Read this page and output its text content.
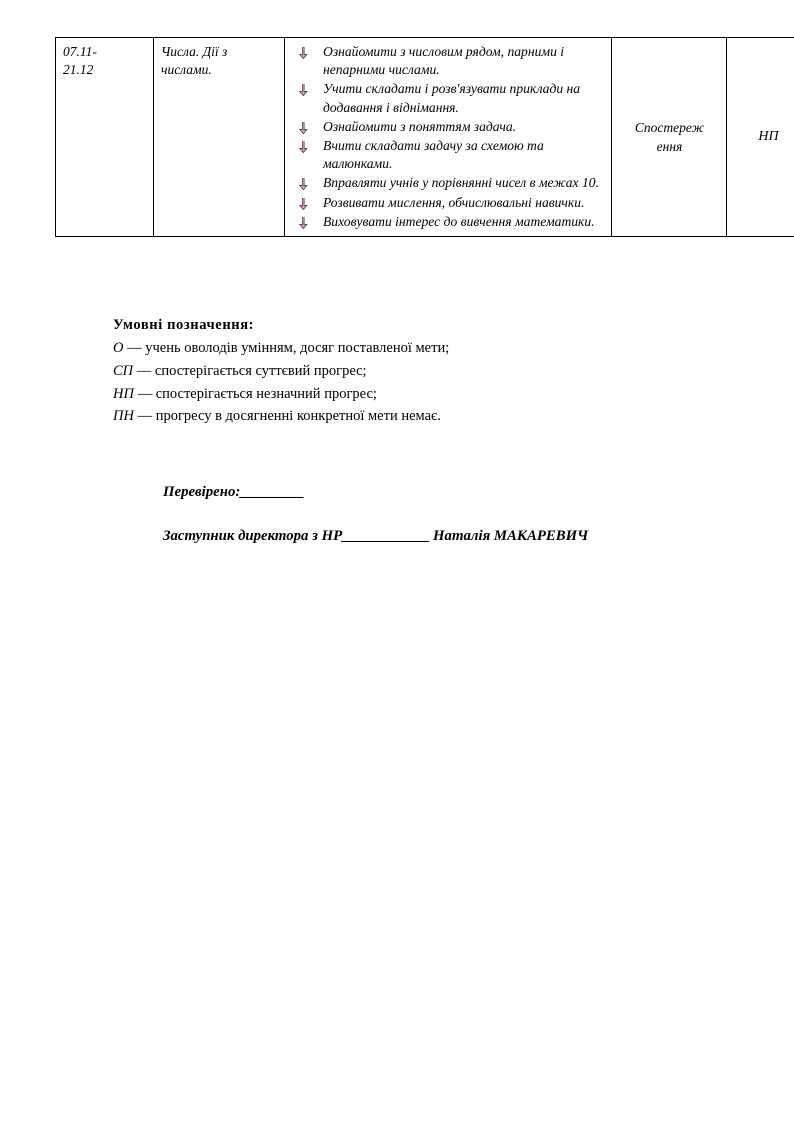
07.11-
21.12

Числа. Дії з числами.

Ознайомити з числовим рядом, парними і непарними числами.
Учити складати і розв'язувати приклади на додавання і віднімання.
Ознайомити з поняттям задача.
Вчити складати задачу за схемою та малюнками.
Вправляти учнів у порівнянні чисел в межах 10.
Розвивати мислення, обчислювальні навички.
Виховувати інтерес до вивчення математики.

Спостереж
ення

НП
Умовні позначення:
О — учень оволодів умінням, досяг поставленої мети;
СП — спостерігається суттєвий прогрес;
НП — спостерігається незначний прогрес;
ПН — прогресу в досягненні конкретної мети немає.
Перевірено:________
Заступник директора з НР___________ Наталія МАКАРЕВИЧ
